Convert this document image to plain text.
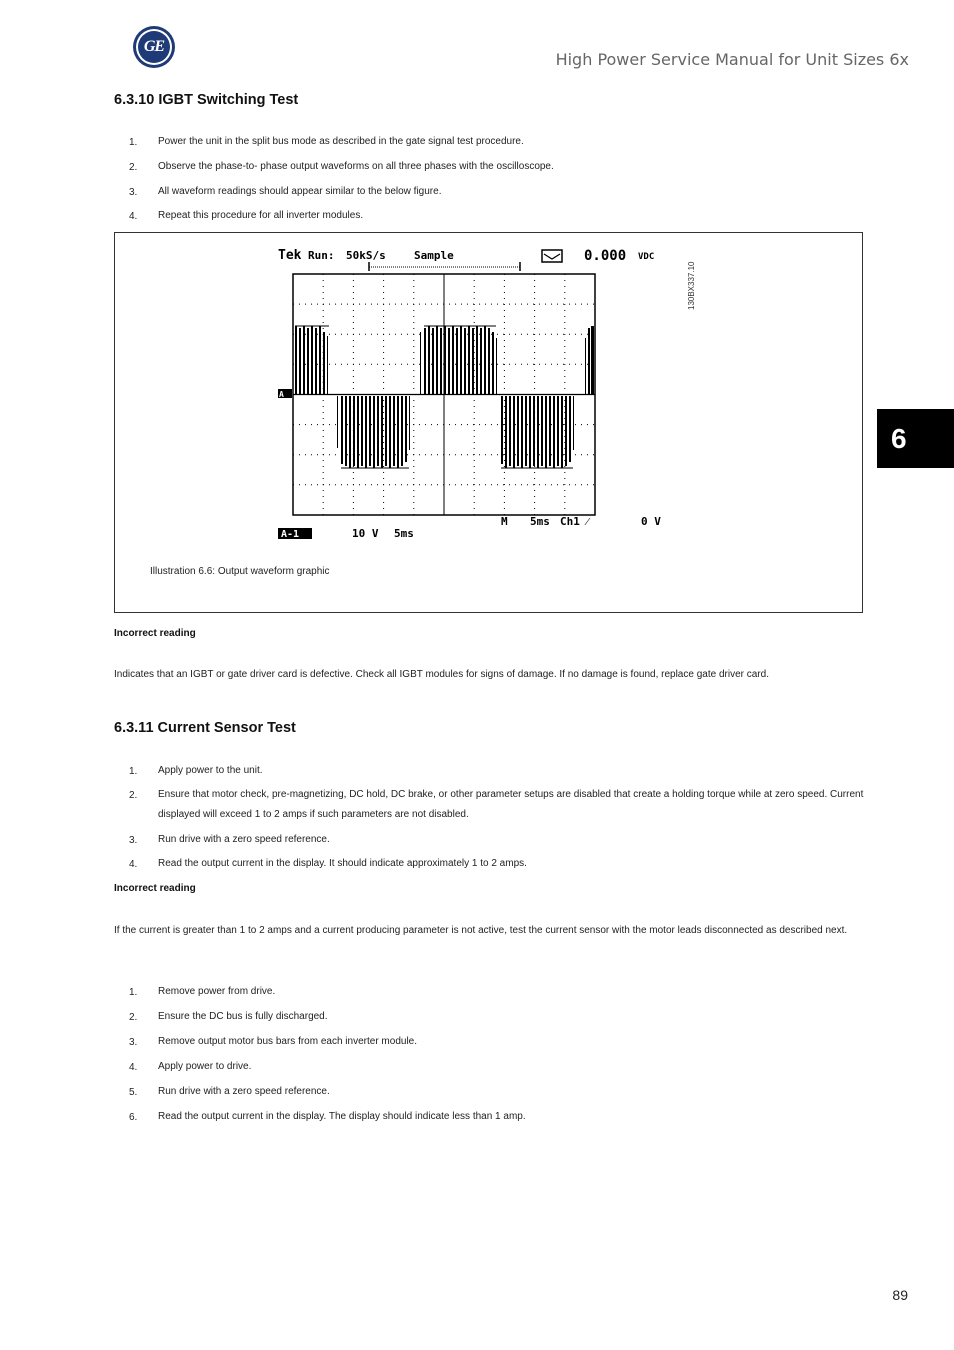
GE
High Power Service Manual for Unit Sizes 6x
6
6.3.10 IGBT Switching Test
1. Power the unit in the split bus mode as described in the gate signal test procedure.
2. Observe the phase-to- phase output waveforms on all three phases with the oscilloscope.
3. All waveform readings should appear similar to the below figure.
4. Repeat this procedure for all inverter modules.
Tek Run: 50kS/s	Sample	0.000 VDC
A
A-1	10 V 5ms
M 5ms Ch1 ⁄	0 V
130BX337.10
Illustration 6.6: Output waveform graphic
Incorrect reading
Indicates that an IGBT or gate driver card is defective. Check all IGBT modules for signs of damage. If no damage is found, replace gate driver card.
6.3.11 Current Sensor Test
1. Apply power to the unit.
2. Ensure that motor check, pre-magnetizing, DC hold, DC brake, or other parameter setups are disabled that create a holding torque while at zero speed. Current displayed will exceed 1 to 2 amps if such parameters are not disabled.
3. Run drive with a zero speed reference.
4. Read the output current in the display. It should indicate approximately 1 to 2 amps.
Incorrect reading
If the current is greater than 1 to 2 amps and a current producing parameter is not active, test the current sensor with the motor leads disconnected as described next.
1. Remove power from drive.
2. Ensure the DC bus is fully discharged.
3. Remove output motor bus bars from each inverter module.
4. Apply power to drive.
5. Run drive with a zero speed reference.
6. Read the output current in the display. The display should indicate less than 1 amp.
89
